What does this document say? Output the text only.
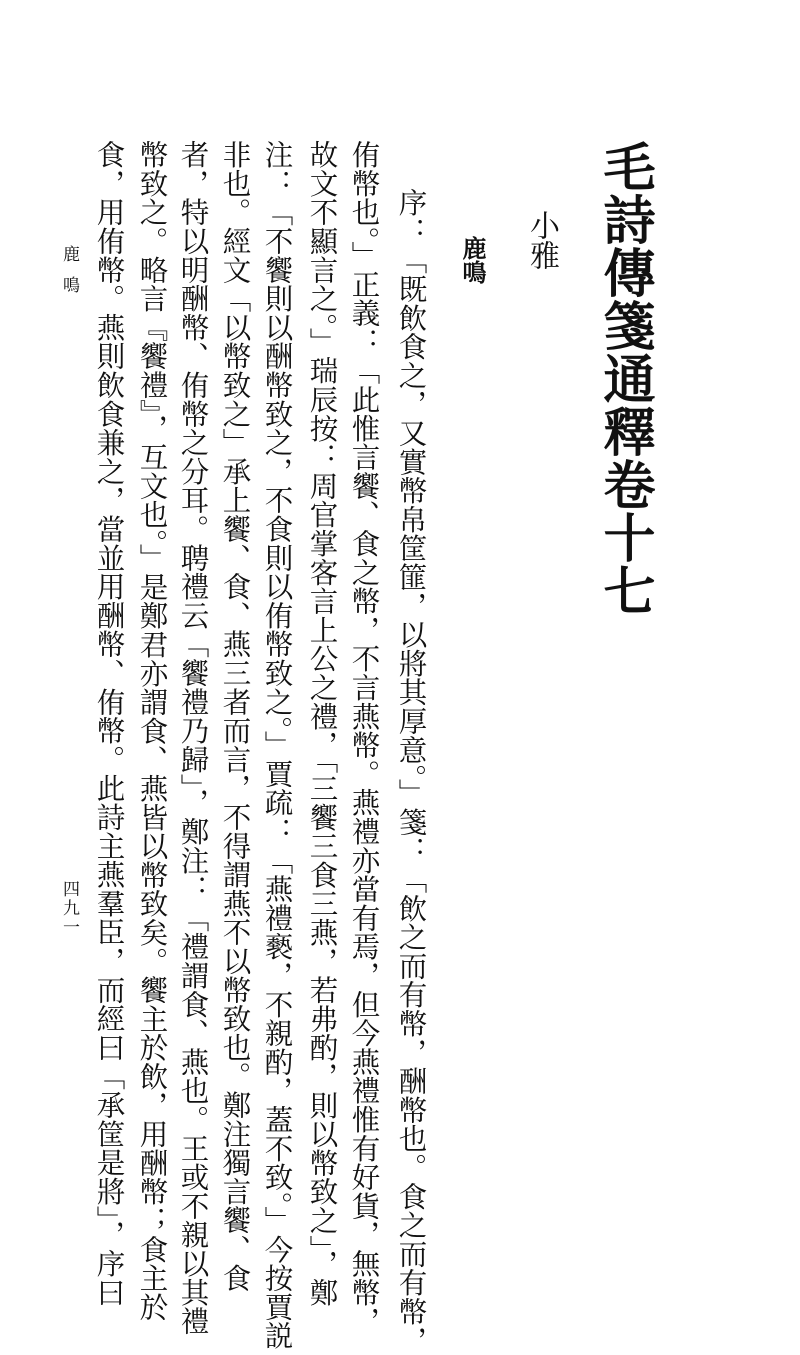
毛詩傳箋通釋卷十七
小雅
鹿鳴
序：「既飲食之，又實幣帛筐篚，以將其厚意。」箋：「飲之而有幣，酬幣也。食之而有幣，
侑幣也。」正義：「此惟言饗、食之幣，不言燕幣。燕禮亦當有焉，但今燕禮惟有好貨，無幣，
故文不顯言之。」瑞辰按：周官掌客言上公之禮，「三饗三食三燕，若弗酌，則以幣致之」，鄭
注：「不饗則以酬幣致之，不食則以侑幣致之。」賈疏：「燕禮褻，不親酌，蓋不致。」今按賈説
非也。經文「以幣致之」承上饗、食、燕三者而言，不得謂燕不以幣致也。鄭注獨言饗、食
者，特以明酬幣、侑幣之分耳。聘禮云「饗禮乃歸」，鄭注：「禮謂食、燕也。王或不親以其禮
幣致之。略言『饗禮』，互文也。」是鄭君亦謂食、燕皆以幣致矣。饗主於飲，用酬幣；食主於
食，用侑幣。燕則飲食兼之，當並用酬幣、侑幣。此詩主燕羣臣，而經曰「承筐是將」，序曰
鹿鳴
四九一
